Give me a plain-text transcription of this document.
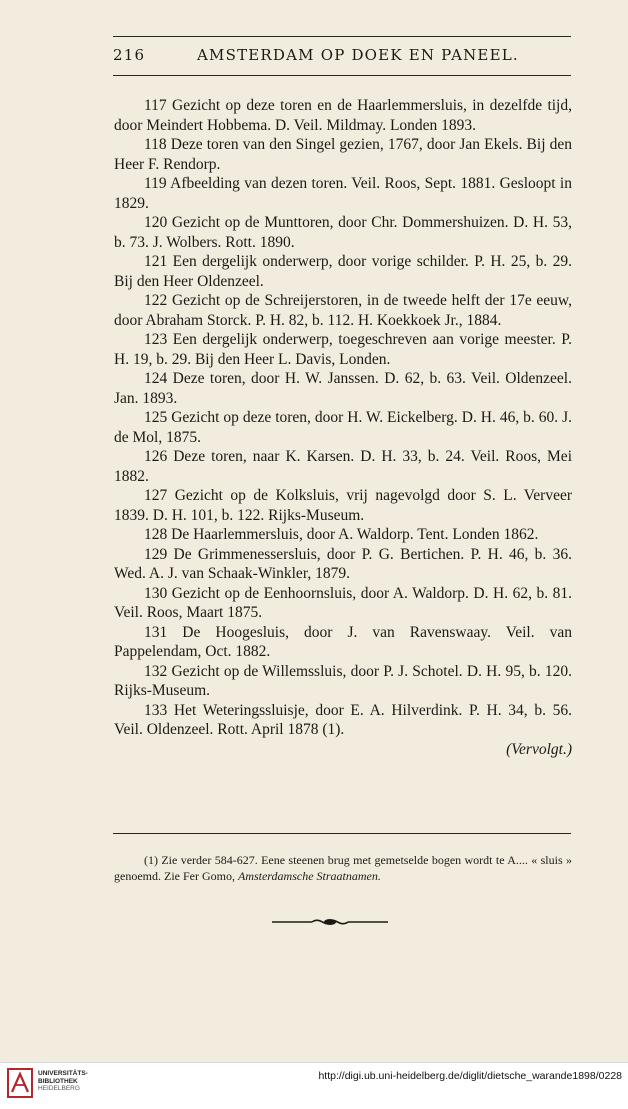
216	AMSTERDAM OP DOEK EN PANEEL.

117 Gezicht op deze toren en de Haarlemmersluis, in dezelfde tijd, door Meindert Hobbema. D. Veil. Mildmay. Londen 1893.

118 Deze toren van den Singel gezien, 1767, door Jan Ekels. Bij den Heer F. Rendorp.

119 Afbeelding van dezen toren. Veil. Roos, Sept. 1881. Gesloopt in 1829.

120 Gezicht op de Munttoren, door Chr. Dommershuizen. D. H. 53, b. 73. J. Wolbers. Rott. 1890.

121 Een dergelijk onderwerp, door vorige schilder. P. H. 25, b. 29. Bij den Heer Oldenzeel.

122 Gezicht op de Schreijerstoren, in de tweede helft der 17e eeuw, door Abraham Storck. P. H. 82, b. 112. H. Koekkoek Jr., 1884.

123 Een dergelijk onderwerp, toegeschreven aan vorige meester. P. H. 19, b. 29. Bij den Heer L. Davis, Londen.

124 Deze toren, door H. W. Janssen. D. 62, b. 63. Veil. Oldenzeel. Jan. 1893.

125 Gezicht op deze toren, door H. W. Eickelberg. D. H. 46, b. 60. J. de Mol, 1875.

126 Deze toren, naar K. Karsen. D. H. 33, b. 24. Veil. Roos, Mei 1882.

127 Gezicht op de Kolksluis, vrij nagevolgd door S. L. Verveer 1839. D. H. 101, b. 122. Rijks-Museum.

128 De Haarlemmersluis, door A. Waldorp. Tent. Londen 1862.

129 De Grimmenessersluis, door P. G. Bertichen. P. H. 46, b. 36. Wed. A. J. van Schaak-Winkler, 1879.

130 Gezicht op de Eenhoornsluis, door A. Waldorp. D. H. 62, b. 81. Veil. Roos, Maart 1875.

131 De Hoogesluis, door J. van Ravenswaay. Veil. van Pappelendam, Oct. 1882.

132 Gezicht op de Willemssluis, door P. J. Schotel. D. H. 95, b. 120. Rijks-Museum.

133 Het Weteringssluisje, door E. A. Hilverdink. P. H. 34, b. 56. Veil. Oldenzeel. Rott. April 1878 (1).

(Vervolgt.)

(1) Zie verder 584-627. Eene steenen brug met gemetselde bogen wordt te A.... « sluis » genoemd. Zie Fer Gomo, Amsterdamsche Straatnamen.
UNIVERSITÄTS-
BIBLIOTHEK
HEIDELBERG
http://digi.ub.uni-heidelberg.de/diglit/dietsche_warande1898/0228
